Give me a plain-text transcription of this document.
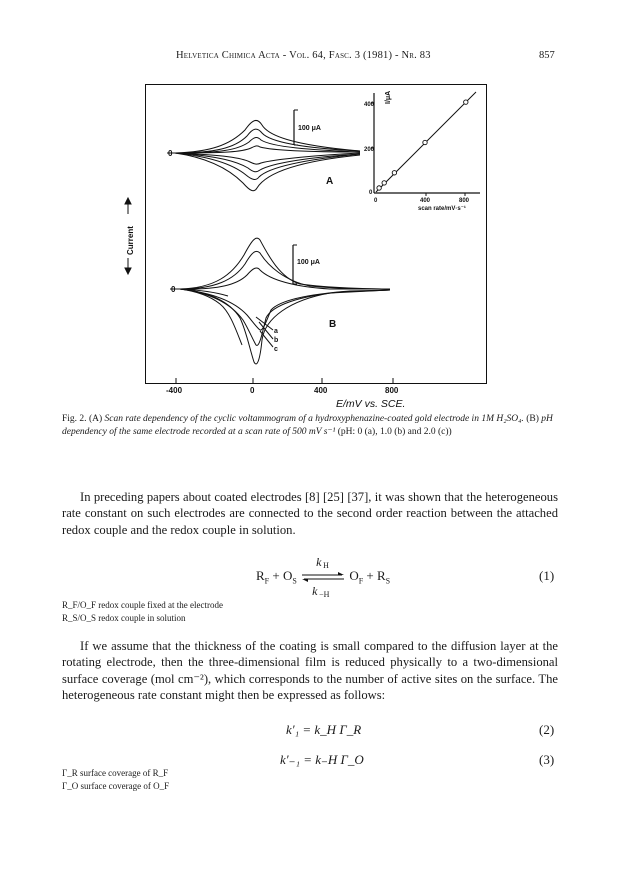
Helvetica Chimica Acta - Vol. 64, Fasc. 3 (1981) - Nr. 83	857
0
100 μA
A
I/μA
400
200
0
0	400	800
scan rate/mV·s⁻¹
0
100 μA
B
a
b
c
Current
-400	0	400	800
E/mV vs. SCE.
Fig. 2. (A) Scan rate dependency of the cyclic voltammogram of a hydroxyphenazine-coated gold electrode in 1M H₂SO₄. (B) pH dependency of the same electrode recorded at a scan rate of 500 mV s⁻¹ (pH: 0 (a), 1.0 (b) and 2.0 (c))
In preceding papers about coated electrodes [8] [25] [37], it was shown that the heterogeneous rate constant on such electrodes are connected to the second order reaction between the attached redox couple and the redox couple in solution.
$R_F + O_S$
k H
k −H
$O_F + R_S$	(1)
R_F/O_F redox couple fixed at the electrode
R_S/O_S redox couple in solution
If we assume that the thickness of the coating is small compared to the diffusion layer at the rotating electrode, then the three-dimensional film is reduced physically to a two-dimensional surface coverage (mol cm⁻²), which corresponds to the number of active sites on the surface. The heterogeneous rate constant might then be expressed as follows:
k′₁ = k_H Γ_R	(2)
k′₋₁ = k₋H Γ_O	(3)
Γ_R surface coverage of R_F
Γ_O surface coverage of O_F
